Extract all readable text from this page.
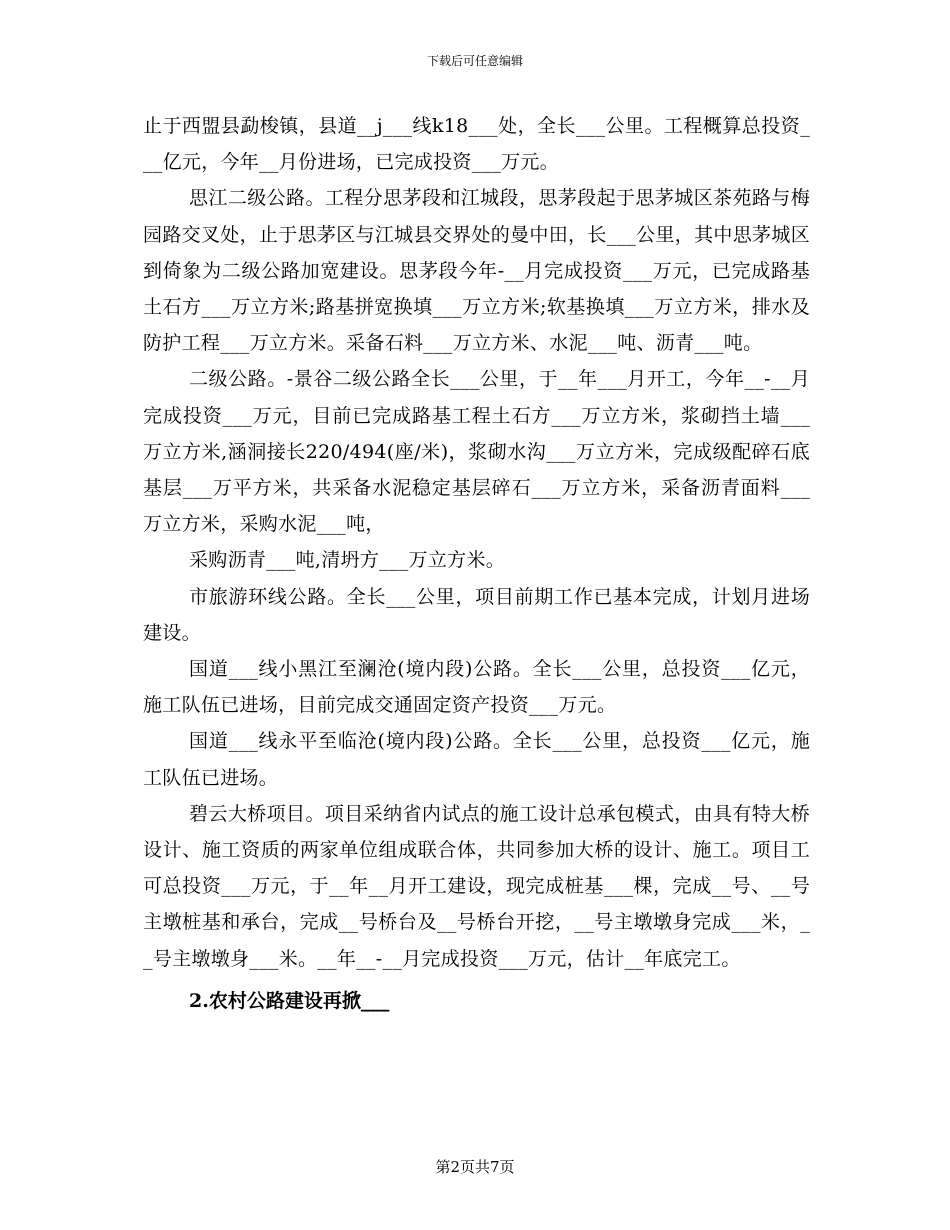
下载后可任意编辑

止于西盟县勐梭镇，县道__j___线k18___处，全长___公里。工程概算总投资___亿元，今年__月份进场，已完成投资___万元。

思江二级公路。工程分思茅段和江城段，思茅段起于思茅城区茶苑路与梅园路交叉处，止于思茅区与江城县交界处的曼中田，长___公里，其中思茅城区到倚象为二级公路加宽建设。思茅段今年-__月完成投资___万元，已完成路基土石方___万立方米;路基拼宽换填___万立方米;软基换填___万立方米，排水及防护工程___万立方米。采备石料___万立方米、水泥___吨、沥青___吨。

二级公路。-景谷二级公路全长___公里，于__年___月开工，今年__-__月完成投资___万元，目前已完成路基工程土石方___万立方米，浆砌挡土墙___万立方米,涵洞接长220/494(座/米)，浆砌水沟___万立方米，完成级配碎石底基层___万平方米，共采备水泥稳定基层碎石___万立方米，采备沥青面料___万立方米，采购水泥___吨，

采购沥青___吨,清坍方___万立方米。

市旅游环线公路。全长___公里，项目前期工作已基本完成，计划月进场建设。

国道___线小黑江至澜沧(境内段)公路。全长___公里，总投资___亿元，施工队伍已进场，目前完成交通固定资产投资___万元。

国道___线永平至临沧(境内段)公路。全长___公里，总投资___亿元，施工队伍已进场。

碧云大桥项目。项目采纳省内试点的施工设计总承包模式，由具有特大桥设计、施工资质的两家单位组成联合体，共同参加大桥的设计、施工。项目工可总投资___万元，于__年__月开工建设，现完成桩基___棵，完成__号、__号主墩桩基和承台，完成__号桥台及__号桥台开挖，__号主墩墩身完成___米，__号主墩墩身___米。__年__-__月完成投资___万元，估计__年底完工。

2.农村公路建设再掀___

第2页共7页
